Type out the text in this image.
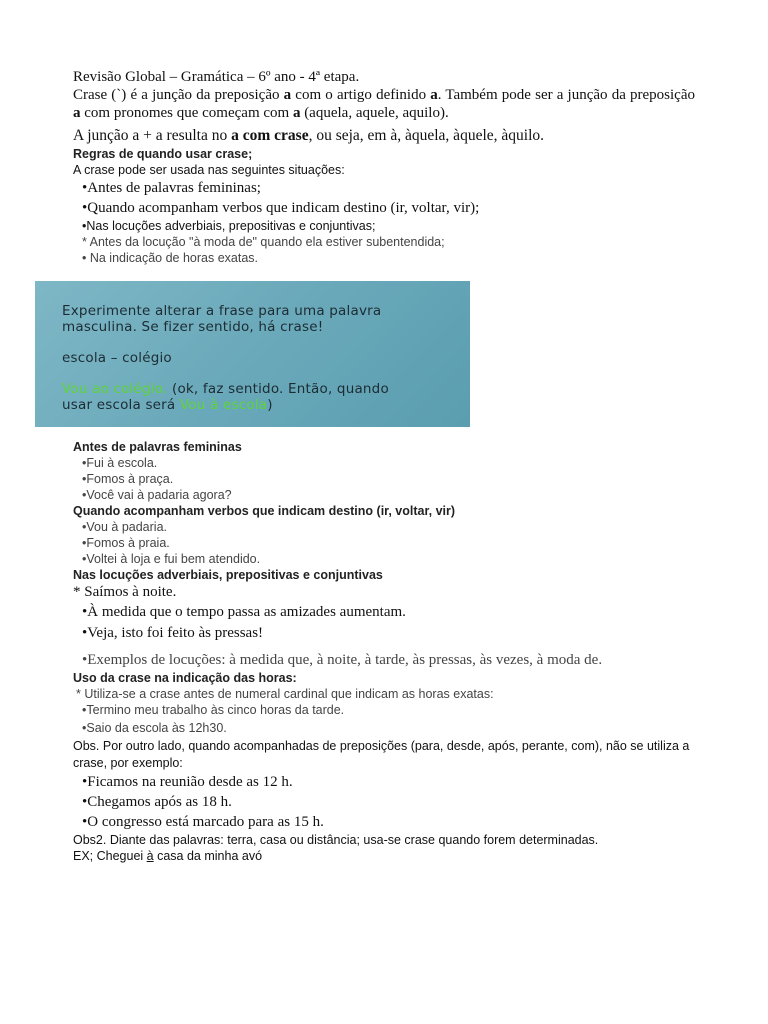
Revisão Global – Gramática – 6º ano - 4ª etapa.

Crase (`) é a junção da preposição a com o artigo definido a. Também pode ser a junção da preposição a com pronomes que começam com a (aquela, aquele, aquilo).

A junção a + a resulta no a com crase, ou seja, em à, àquela, àquele, àquilo.

Regras de quando usar crase;

A crase pode ser usada nas seguintes situações:

•Antes de palavras femininas;

•Quando acompanham verbos que indicam destino (ir, voltar, vir);

•Nas locuções adverbiais, prepositivas e conjuntivas;

* Antes da locução "à moda de" quando ela estiver subentendida;

• Na indicação de horas exatas.

Experimente alterar a frase para uma palavra
masculina. Se fizer sentido, há crase!
escola – colégio
Vou ao colégio. (ok, faz sentido. Então, quando
usar escola será Vou à escola)

Antes de palavras femininas

•Fui à escola.

•Fomos à praça.

•Você vai à padaria agora?

Quando acompanham verbos que indicam destino (ir, voltar, vir)

•Vou à padaria.

•Fomos à praia.

•Voltei à loja e fui bem atendido.

Nas locuções adverbiais, prepositivas e conjuntivas

* Saímos à noite.

•À medida que o tempo passa as amizades aumentam.

•Veja, isto foi feito às pressas!

•Exemplos de locuções: à medida que, à noite, à tarde, às pressas, às vezes, à moda de.

Uso da crase na indicação das horas:

* Utiliza-se a crase antes de numeral cardinal que indicam as horas exatas:

•Termino meu trabalho às cinco horas da tarde.

•Saio da escola às 12h30.

Obs. Por outro lado, quando acompanhadas de preposições (para, desde, após, perante, com), não se utiliza a crase, por exemplo:

•Ficamos na reunião desde as 12 h.

•Chegamos após as 18 h.

•O congresso está marcado para as 15 h.

Obs2. Diante das palavras: terra, casa ou distância; usa-se crase quando forem determinadas.

EX; Cheguei à casa da minha avó
